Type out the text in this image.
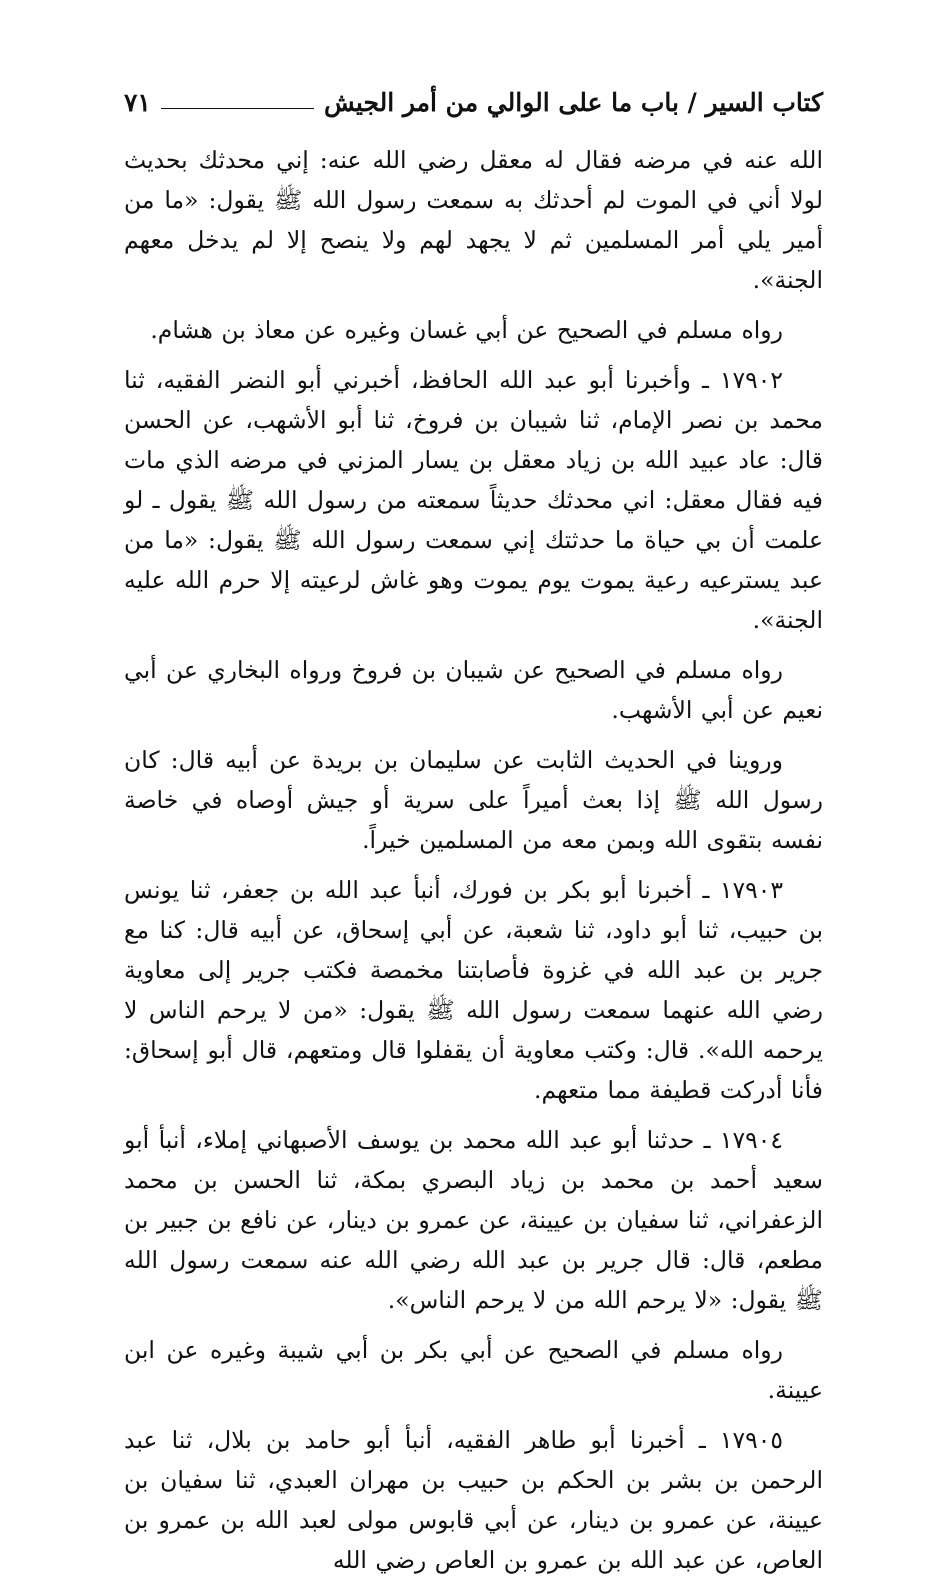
كتاب السير / باب ما على الوالي من أمر الجيش
٧١

الله عنه في مرضه فقال له معقل رضي الله عنه: إني محدثك بحديث لولا أني في الموت لم أحدثك به سمعت رسول الله ﷺ يقول: «ما من أمير يلي أمر المسلمين ثم لا يجهد لهم ولا ينصح إلا لم يدخل معهم الجنة».

رواه مسلم في الصحيح عن أبي غسان وغيره عن معاذ بن هشام.

١٧٩٠٢ ـ وأخبرنا أبو عبد الله الحافظ، أخبرني أبو النضر الفقيه، ثنا محمد بن نصر الإمام، ثنا شيبان بن فروخ، ثنا أبو الأشهب، عن الحسن قال: عاد عبيد الله بن زياد معقل بن يسار المزني في مرضه الذي مات فيه فقال معقل: اني محدثك حديثاً سمعته من رسول الله ﷺ يقول ـ لو علمت أن بي حياة ما حدثتك إني سمعت رسول الله ﷺ يقول: «ما من عبد يسترعيه رعية يموت يوم يموت وهو غاش لرعيته إلا حرم الله عليه الجنة».

رواه مسلم في الصحيح عن شيبان بن فروخ ورواه البخاري عن أبي نعيم عن أبي الأشهب.

وروينا في الحديث الثابت عن سليمان بن بريدة عن أبيه قال: كان رسول الله ﷺ إذا بعث أميراً على سرية أو جيش أوصاه في خاصة نفسه بتقوى الله وبمن معه من المسلمين خيراً.

١٧٩٠٣ ـ أخبرنا أبو بكر بن فورك، أنبأ عبد الله بن جعفر، ثنا يونس بن حبيب، ثنا أبو داود، ثنا شعبة، عن أبي إسحاق، عن أبيه قال: كنا مع جرير بن عبد الله في غزوة فأصابتنا مخمصة فكتب جرير إلى معاوية رضي الله عنهما سمعت رسول الله ﷺ يقول: «من لا يرحم الناس لا يرحمه الله». قال: وكتب معاوية أن يقفلوا قال ومتعهم، قال أبو إسحاق: فأنا أدركت قطيفة مما متعهم.

١٧٩٠٤ ـ حدثنا أبو عبد الله محمد بن يوسف الأصبهاني إملاء، أنبأ أبو سعيد أحمد بن محمد بن زياد البصري بمكة، ثنا الحسن بن محمد الزعفراني، ثنا سفيان بن عيينة، عن عمرو بن دينار، عن نافع بن جبير بن مطعم، قال: قال جرير بن عبد الله رضي الله عنه سمعت رسول الله ﷺ يقول: «لا يرحم الله من لا يرحم الناس».

رواه مسلم في الصحيح عن أبي بكر بن أبي شيبة وغيره عن ابن عيينة.

١٧٩٠٥ ـ أخبرنا أبو طاهر الفقيه، أنبأ أبو حامد بن بلال، ثنا عبد الرحمن بن بشر بن الحكم بن حبيب بن مهران العبدي، ثنا سفيان بن عيينة، عن عمرو بن دينار، عن أبي قابوس مولى لعبد الله بن عمرو بن العاص، عن عبد الله بن عمرو بن العاص رضي الله
